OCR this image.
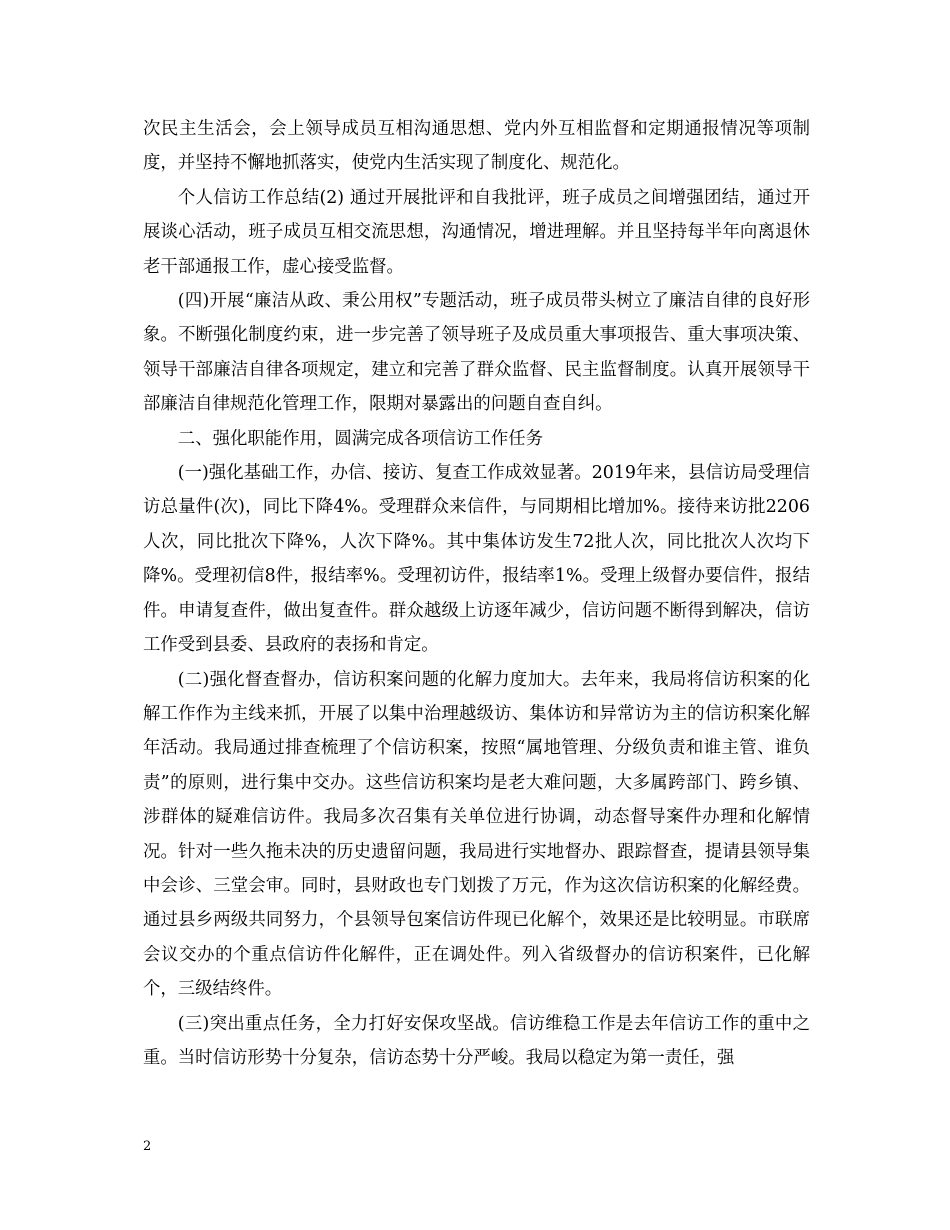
次民主生活会，会上领导成员互相沟通思想、党内外互相监督和定期通报情况等项制度，并坚持不懈地抓落实，使党内生活实现了制度化、规范化。

个人信访工作总结(2) 通过开展批评和自我批评，班子成员之间增强团结，通过开展谈心活动，班子成员互相交流思想，沟通情况，增进理解。并且坚持每半年向离退休老干部通报工作，虚心接受监督。

(四)开展“廉洁从政、秉公用权”专题活动，班子成员带头树立了廉洁自律的良好形象。不断强化制度约束，进一步完善了领导班子及成员重大事项报告、重大事项决策、领导干部廉洁自律各项规定，建立和完善了群众监督、民主监督制度。认真开展领导干部廉洁自律规范化管理工作，限期对暴露出的问题自查自纠。

二、强化职能作用，圆满完成各项信访工作任务

(一)强化基础工作，办信、接访、复查工作成效显著。2019年来，县信访局受理信访总量件(次)，同比下降4%。受理群众来信件，与同期相比增加%。接待来访批2206人次，同比批次下降%，人次下降%。其中集体访发生72批人次，同比批次人次均下降%。受理初信8件，报结率%。受理初访件，报结率1%。受理上级督办要信件，报结件。申请复查件，做出复查件。群众越级上访逐年减少，信访问题不断得到解决，信访工作受到县委、县政府的表扬和肯定。

(二)强化督查督办，信访积案问题的化解力度加大。去年来，我局将信访积案的化解工作作为主线来抓，开展了以集中治理越级访、集体访和异常访为主的信访积案化解年活动。我局通过排查梳理了个信访积案，按照“属地管理、分级负责和谁主管、谁负责”的原则，进行集中交办。这些信访积案均是老大难问题，大多属跨部门、跨乡镇、涉群体的疑难信访件。我局多次召集有关单位进行协调，动态督导案件办理和化解情况。针对一些久拖未决的历史遗留问题，我局进行实地督办、跟踪督查，提请县领导集中会诊、三堂会审。同时，县财政也专门划拨了万元，作为这次信访积案的化解经费。通过县乡两级共同努力，个县领导包案信访件现已化解个，效果还是比较明显。市联席会议交办的个重点信访件化解件，正在调处件。列入省级督办的信访积案件，已化解个，三级结终件。

(三)突出重点任务，全力打好安保攻坚战。信访维稳工作是去年信访工作的重中之重。当时信访形势十分复杂，信访态势十分严峻。我局以稳定为第一责任，强

2
